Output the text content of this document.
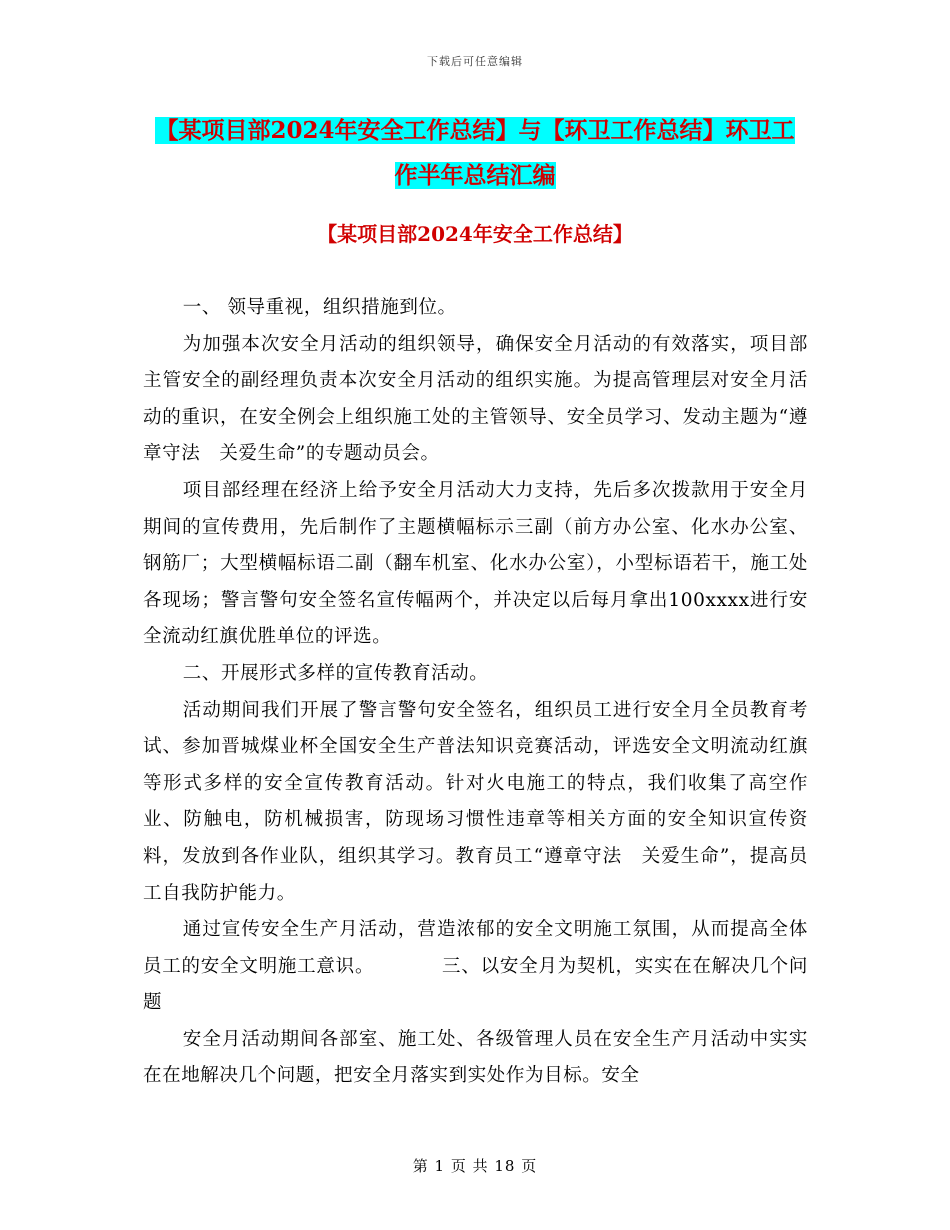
下载后可任意编辑
【某项目部2024年安全工作总结】与【环卫工作总结】环卫工作半年总结汇编
【某项目部2024年安全工作总结】

一、 领导重视，组织措施到位。

为加强本次安全月活动的组织领导，确保安全月活动的有效落实，项目部主管安全的副经理负责本次安全月活动的组织实施。为提高管理层对安全月活动的重识，在安全例会上组织施工处的主管领导、安全员学习、发动主题为“遵章守法　关爱生命”的专题动员会。

项目部经理在经济上给予安全月活动大力支持，先后多次拨款用于安全月期间的宣传费用，先后制作了主题横幅标示三副（前方办公室、化水办公室、钢筋厂；大型横幅标语二副（翻车机室、化水办公室），小型标语若干，施工处各现场；警言警句安全签名宣传幅两个，并决定以后每月拿出100xxxx进行安全流动红旗优胜单位的评选。

二、开展形式多样的宣传教育活动。

活动期间我们开展了警言警句安全签名，组织员工进行安全月全员教育考试、参加晋城煤业杯全国安全生产普法知识竞赛活动，评选安全文明流动红旗等形式多样的安全宣传教育活动。针对火电施工的特点，我们收集了高空作业、防触电，防机械损害，防现场习惯性违章等相关方面的安全知识宣传资料，发放到各作业队，组织其学习。教育员工“遵章守法　关爱生命”，提高员工自我防护能力。

通过宣传安全生产月活动，营造浓郁的安全文明施工氛围，从而提高全体员工的安全文明施工意识。　　　　三、以安全月为契机，实实在在解决几个问题

安全月活动期间各部室、施工处、各级管理人员在安全生产月活动中实实在在地解决几个问题，把安全月落实到实处作为目标。安全

第 1 页 共 18 页
